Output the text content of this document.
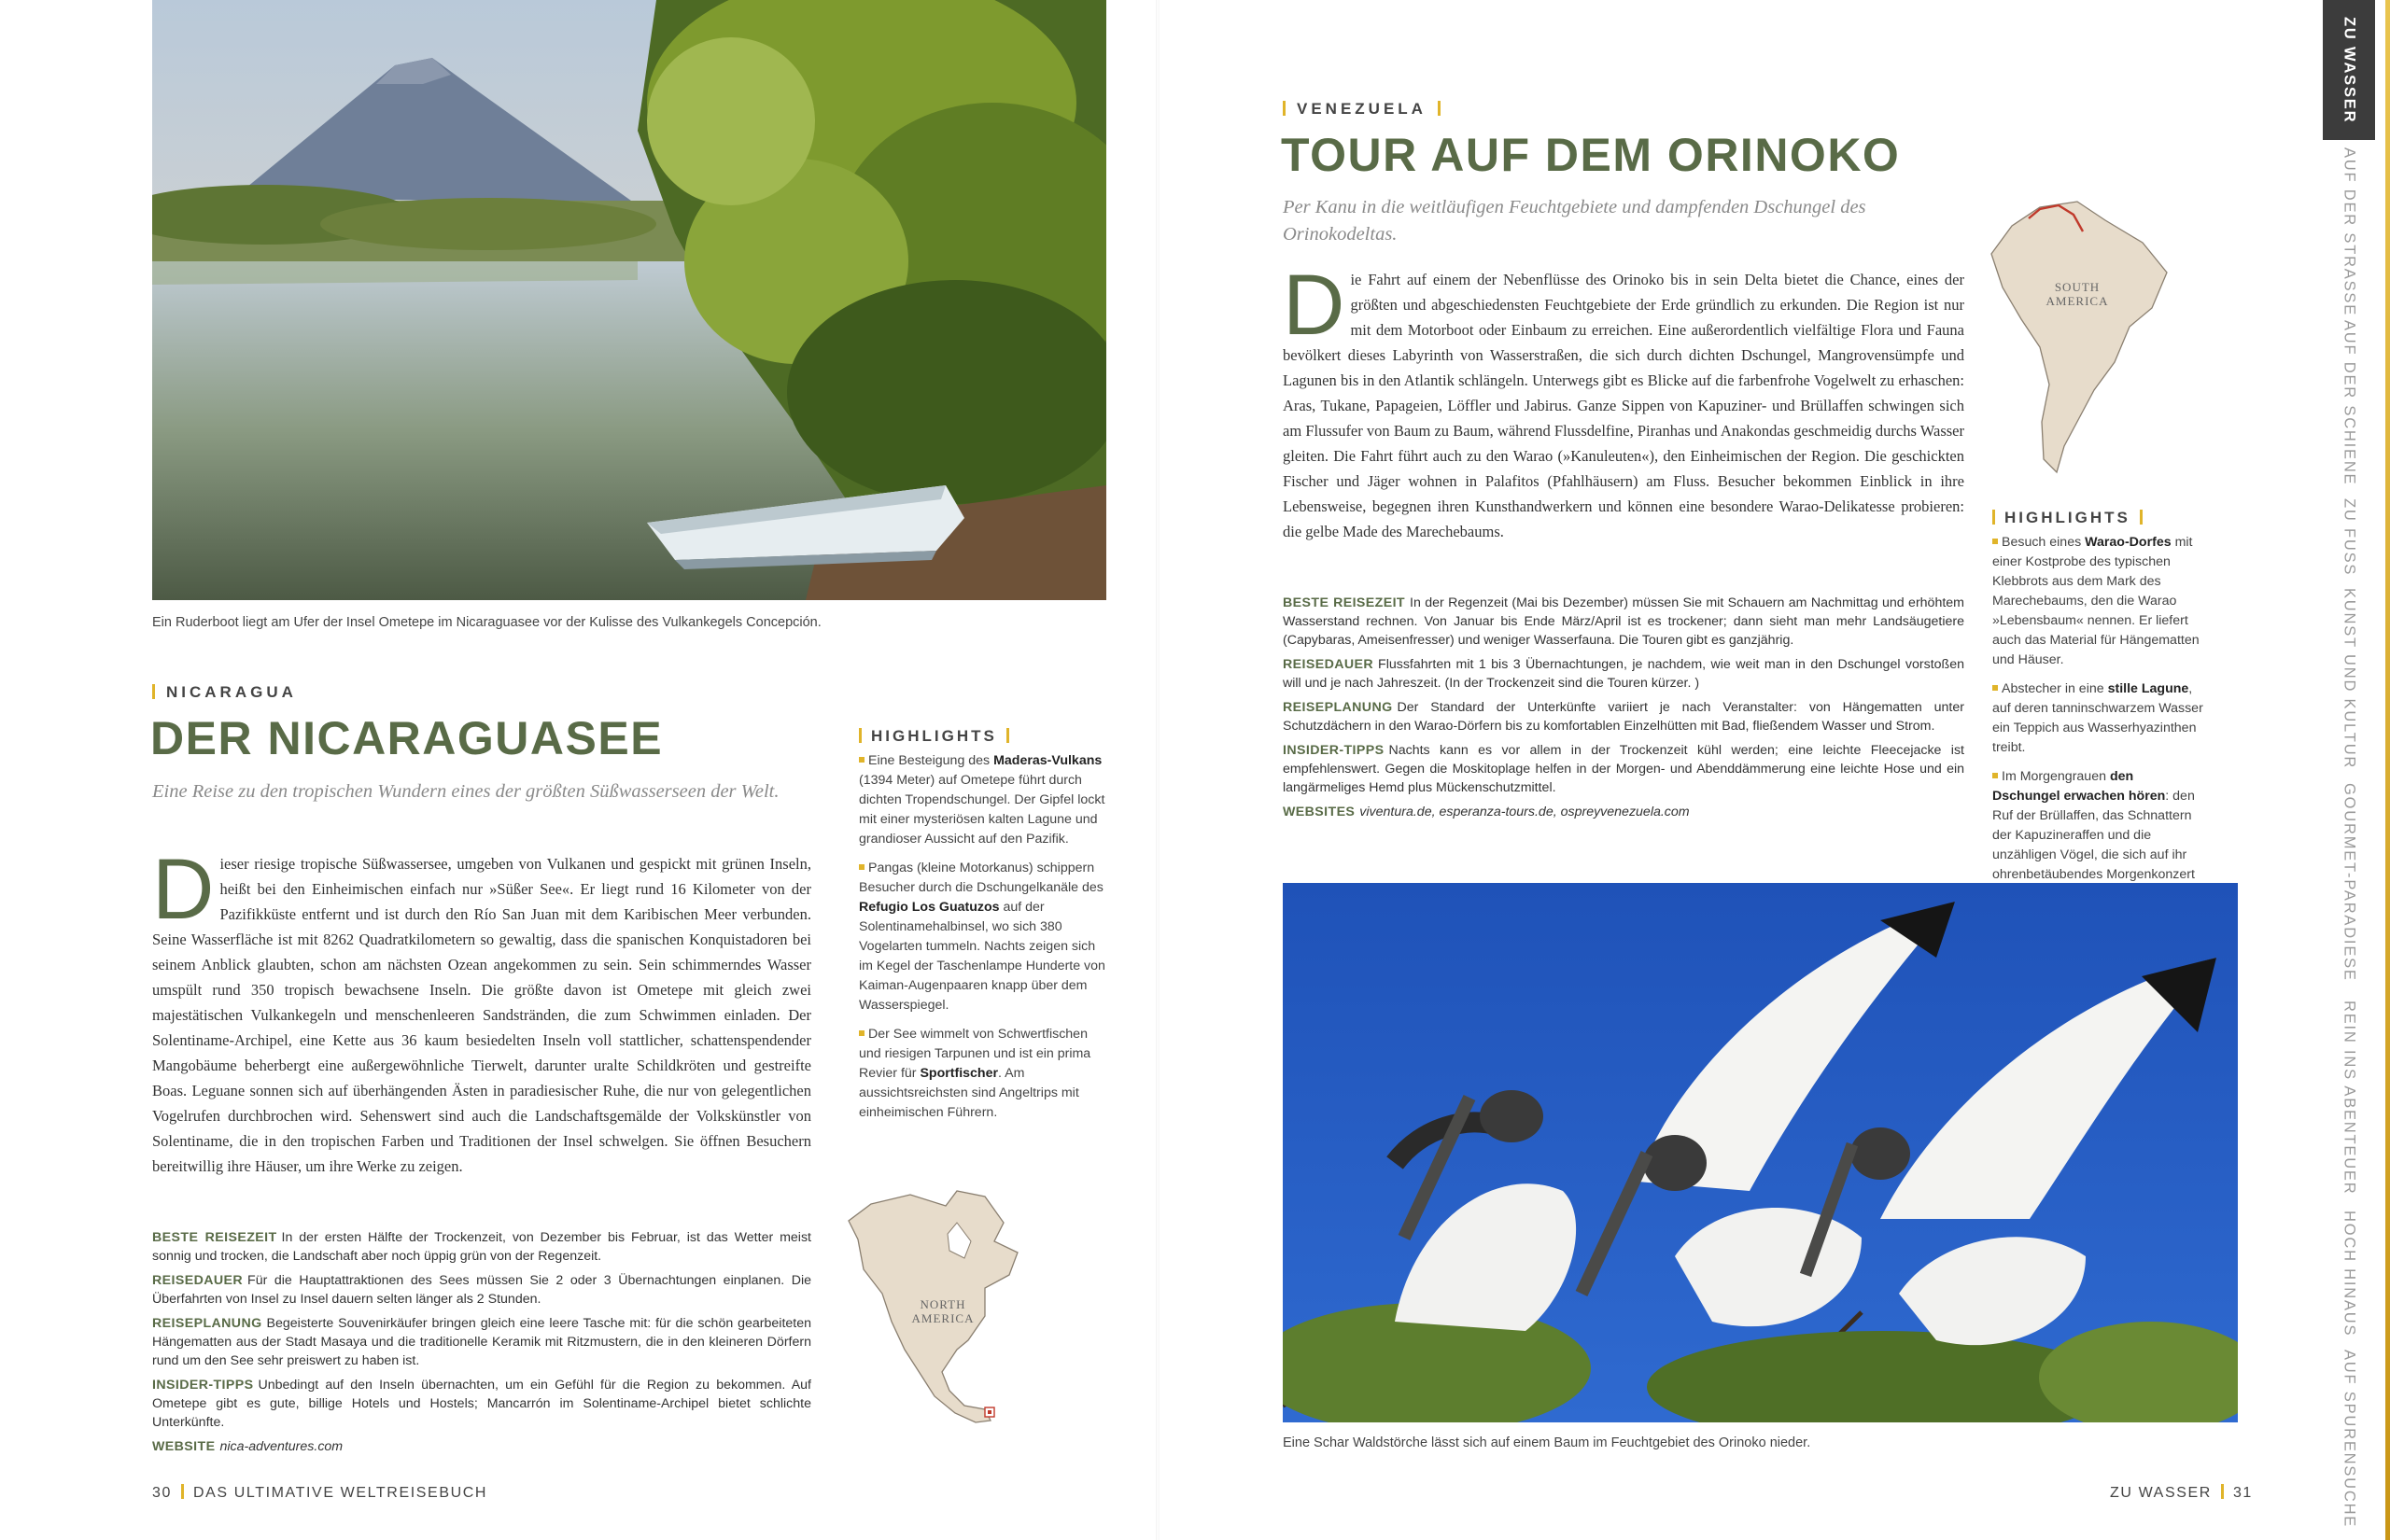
Ein Ruderboot liegt am Ufer der Insel Ometepe im Nicaraguasee vor der Kulisse des Vulkankegels Concepción.
NICARAGUA
DER NICARAGUASEE
Eine Reise zu den tropischen Wundern eines der größten Süßwasserseen der Welt.
Dieser riesige tropische Süßwassersee, umgeben von Vulkanen und gespickt mit grünen Inseln, heißt bei den Einheimischen einfach nur »Süßer See«. Er liegt rund 16 Kilometer von der Pazifikküste entfernt und ist durch den Río San Juan mit dem Karibischen Meer verbunden. Seine Wasserfläche ist mit 8262 Quadratkilometern so gewaltig, dass die spanischen Konquistadoren bei seinem Anblick glaubten, schon am nächsten Ozean angekommen zu sein. Sein schimmerndes Wasser umspült rund 350 tropisch bewachsene Inseln. Die größte davon ist Ometepe mit gleich zwei majestätischen Vulkankegeln und menschenleeren Sandstränden, die zum Schwimmen einladen. Der Solentiname-Archipel, eine Kette aus 36 kaum besiedelten Inseln voll stattlicher, schattenspendender Mangobäume beherbergt eine außergewöhnliche Tierwelt, darunter uralte Schildkröten und gestreifte Boas. Leguane sonnen sich auf überhängenden Ästen in paradiesischer Ruhe, die nur von gelegentlichen Vogelrufen durchbrochen wird. Sehenswert sind auch die Landschaftsgemälde der Volkskünstler von Solentiname, die in den tropischen Farben und Traditionen der Insel schwelgen. Sie öffnen Besuchern bereitwillig ihre Häuser, um ihre Werke zu zeigen.

BESTE REISEZEIT In der ersten Hälfte der Trockenzeit, von Dezember bis Februar, ist das Wetter meist sonnig und trocken, die Landschaft aber noch üppig grün von der Regenzeit.

REISEDAUER Für die Hauptattraktionen des Sees müssen Sie 2 oder 3 Übernachtungen einplanen. Die Überfahrten von Insel zu Insel dauern selten länger als 2 Stunden.

REISEPLANUNG Begeisterte Souvenirkäufer bringen gleich eine leere Tasche mit: für die schön gearbeiteten Hängematten aus der Stadt Masaya und die traditionelle Keramik mit Ritzmustern, die in den kleineren Dörfern rund um den See sehr preiswert zu haben ist.

INSIDER-TIPPS Unbedingt auf den Inseln übernachten, um ein Gefühl für die Region zu bekommen. Auf Ometepe gibt es gute, billige Hotels und Hostels; Mancarrón im Solentiname-Archipel bietet schlichte Unterkünfte.

WEBSITE nica-adventures.com

HIGHLIGHTS
Eine Besteigung des Maderas-Vulkans (1394 Meter) auf Ometepe führt durch dichten Tropendschungel. Der Gipfel lockt mit einer mysteriösen kalten Lagune und grandioser Aussicht auf den Pazifik.
Pangas (kleine Motorkanus) schippern Besucher durch die Dschungelkanäle des Refugio Los Guatuzos auf der Solentinamehalbinsel, wo sich 380 Vogelarten tummeln. Nachts zeigen sich im Kegel der Taschenlampe Hunderte von Kaiman-Augenpaaren knapp über dem Wasserspiegel.
Der See wimmelt von Schwertfischen und riesigen Tarpunen und ist ein prima Revier für Sportfischer. Am aussichtsreichsten sind Angeltrips mit einheimischen Führern.
NORTH AMERICA
30 DAS ULTIMATIVE WELTREISEBUCH
VENEZUELA
TOUR AUF DEM ORINOKO
Per Kanu in die weitläufigen Feuchtgebiete und dampfenden Dschungel des Orinokodeltas.
Die Fahrt auf einem der Nebenflüsse des Orinoko bis in sein Delta bietet die Chance, eines der größten und abgeschiedensten Feuchtgebiete der Erde gründlich zu erkunden. Die Region ist nur mit dem Motorboot oder Einbaum zu erreichen. Eine außerordentlich vielfältige Flora und Fauna bevölkert dieses Labyrinth von Wasserstraßen, die sich durch dichten Dschungel, Mangrovensümpfe und Lagunen bis in den Atlantik schlängeln. Unterwegs gibt es Blicke auf die farbenfrohe Vogelwelt zu erhaschen: Aras, Tukane, Papageien, Löffler und Jabirus. Ganze Sippen von Kapuziner- und Brüllaffen schwingen sich am Flussufer von Baum zu Baum, während Flussdelfine, Piranhas und Anakondas geschmeidig durchs Wasser gleiten. Die Fahrt führt auch zu den Warao (»Kanuleuten«), den Einheimischen der Region. Die geschickten Fischer und Jäger wohnen in Palafitos (Pfahlhäusern) am Fluss. Besucher bekommen Einblick in ihre Lebensweise, begegnen ihren Kunsthandwerkern und können eine besondere Warao-Delikatesse probieren: die gelbe Made des Marechebaums.

BESTE REISEZEIT In der Regenzeit (Mai bis Dezember) müssen Sie mit Schauern am Nachmittag und erhöhtem Wasserstand rechnen. Von Januar bis Ende März/April ist es trockener; dann sieht man mehr Landsäugetiere (Capybaras, Ameisenfresser) und weniger Wasserfauna. Die Touren gibt es ganzjährig.

REISEDAUER Flussfahrten mit 1 bis 3 Übernachtungen, je nachdem, wie weit man in den Dschungel vorstoßen will und je nach Jahreszeit. (In der Trockenzeit sind die Touren kürzer. )

REISEPLANUNG Der Standard der Unterkünfte variiert je nach Veranstalter: von Hängematten unter Schutzdächern in den Warao-Dörfern bis zu komfortablen Einzelhütten mit Bad, fließendem Wasser und Strom.

INSIDER-TIPPS Nachts kann es vor allem in der Trockenzeit kühl werden; eine leichte Fleecejacke ist empfehlenswert. Gegen die Moskitoplage helfen in der Morgen- und Abenddämmerung eine leichte Hose und ein langärmeliges Hemd plus Mückenschutzmittel.

WEBSITES viventura.de, esperanza-tours.de, ospreyvenezuela.com

SOUTH AMERICA
HIGHLIGHTS
Besuch eines Warao-Dorfes mit einer Kostprobe des typischen Klebbrots aus dem Mark des Marechebaums, den die Warao »Lebensbaum« nennen. Er liefert auch das Material für Hängematten und Häuser.
Abstecher in eine stille Lagune, auf deren tanninschwarzem Wasser ein Teppich aus Wasserhyazinthen treibt.
Im Morgengrauen den Dschungel erwachen hören: den Ruf der Brüllaffen, das Schnattern der Kapuzineraffen und die unzähligen Vögel, die sich auf ihr ohrenbetäubendes Morgenkonzert
Eine Schar Waldstörche lässt sich auf einem Baum im Feuchtgebiet des Orinoko nieder.
ZU WASSER 31
ZU WASSER
AUF DER STRASSE
AUF DER SCHIENE
ZU FUSS
KUNST UND KULTUR
GOURMET-PARADIESE
REIN INS ABENTEUER
HOCH HINAUS
AUF SPURENSUCHE
